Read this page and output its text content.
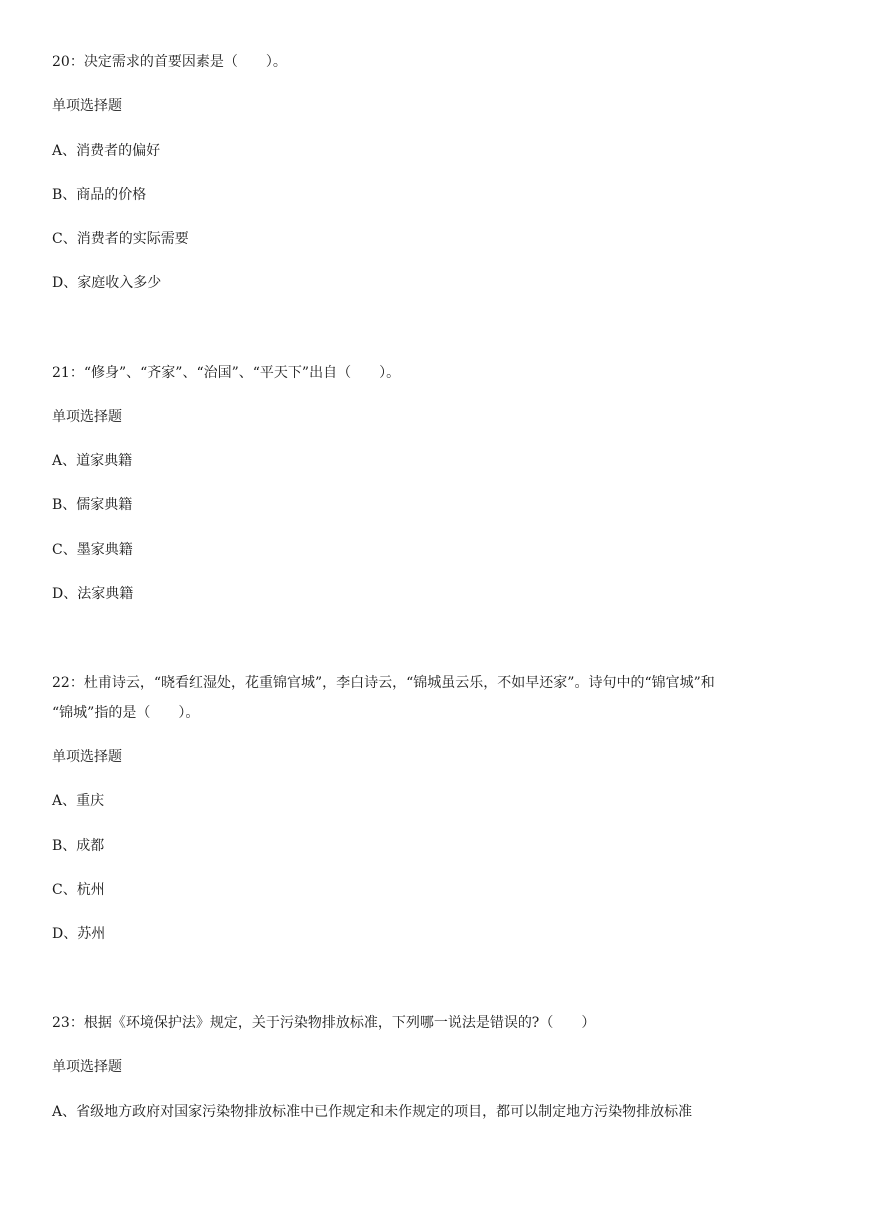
20：决定需求的首要因素是（　　）。
单项选择题
A、消费者的偏好
B、商品的价格
C、消费者的实际需要
D、家庭收入多少
21：“修身”、“齐家”、“治国”、“平天下”出自（　　）。
单项选择题
A、道家典籍
B、儒家典籍
C、墨家典籍
D、法家典籍
22：杜甫诗云，“晓看红湿处，花重锦官城”，李白诗云，“锦城虽云乐，不如早还家”。诗句中的“锦官城”和
“锦城”指的是（　　）。
单项选择题
A、重庆
B、成都
C、杭州
D、苏州
23：根据《环境保护法》规定，关于污染物排放标准，下列哪一说法是错误的?（　　）
单项选择题
A、省级地方政府对国家污染物排放标准中已作规定和未作规定的项目，都可以制定地方污染物排放标准
